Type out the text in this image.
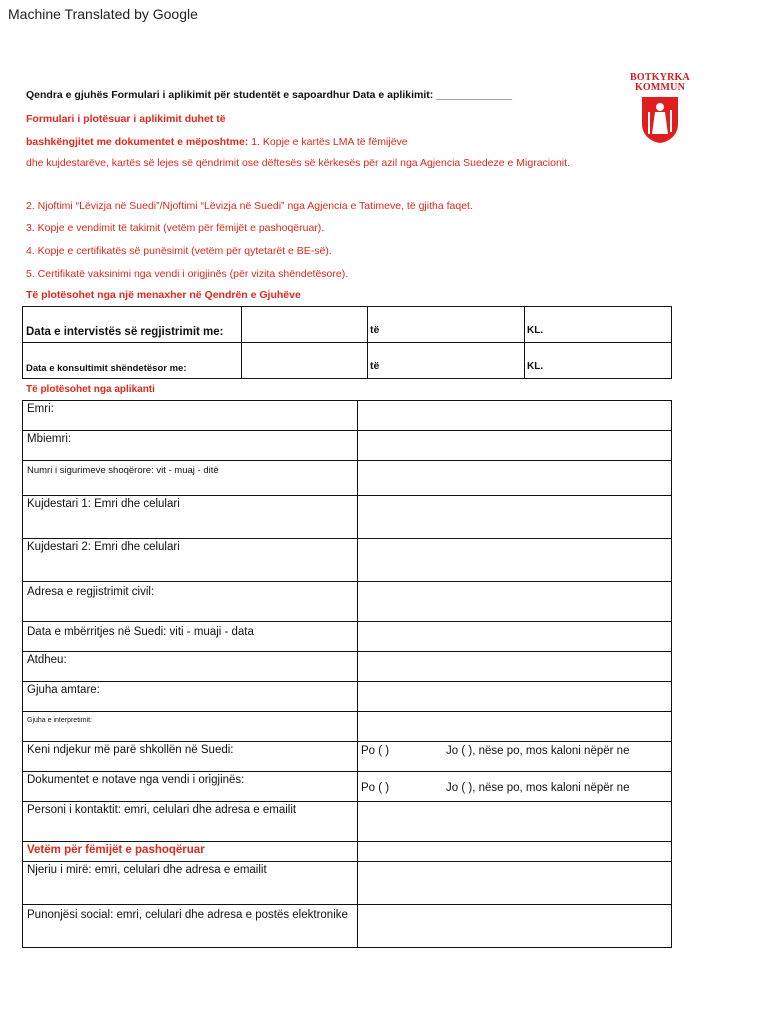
Machine Translated by Google
BOTKYRKA
KOMMUN
Qendra e gjuhës Formulari i aplikimit për studentët e sapoardhur Data e aplikimit: _____________
Formulari i plotësuar i aplikimit duhet të
bashkëngjitet me dokumentet e mëposhtme: 1. Kopje e kartës LMA të fëmijëve
dhe kujdestarëve, kartës së lejes së qëndrimit ose dëftesës së kërkesës për azil nga Agjencia Suedeze e Migracionit.
2. Njoftimi “Lëvizja në Suedi”/Njoftimi “Lëvizja në Suedi” nga Agjencia e Tatimeve, të gjitha faqet.
3. Kopje e vendimit të takimit (vetëm për fëmijët e pashoqëruar).
4. Kopje e certifikatës së punësimit (vetëm për qytetarët e BE-së).
5. Certifikatë vaksinimi nga vendi i origjinës (për vizita shëndetësore).
Të plotësohet nga një menaxher në Qendrën e Gjuhëve
Data e intervistës së regjistrimit me:		të		KL.	

Data e konsultimit shëndetësor me:		të		KL.	

Të plotësohet nga aplikanti
Emri:	

Mbiemri:	

Numri i sigurimeve shoqërore: vit - muaj - ditë	

Kujdestari 1: Emri dhe celulari	

Kujdestari 2: Emri dhe celulari	

Adresa e regjistrimit civil:	

Data e mbërritjes në Suedi: viti - muaji - data	

Atdheu:	

Gjuha amtare:	

Gjuha e interpretimit:	

Keni ndjekur më parë shkollën në Suedi:	Po ( ) Jo ( ), nëse po, mos kaloni nëpër ne

Dokumentet e notave nga vendi i origjinës:	Po ( ) Jo ( ), nëse po, mos kaloni nëpër ne

Personi i kontaktit: emri, celulari dhe adresa e emailit	

Vetëm për fëmijët e pashoqëruar	

Njeriu i mirë: emri, celulari dhe adresa e emailit	

Punonjësi social: emri, celulari dhe adresa e postës elektronike	
